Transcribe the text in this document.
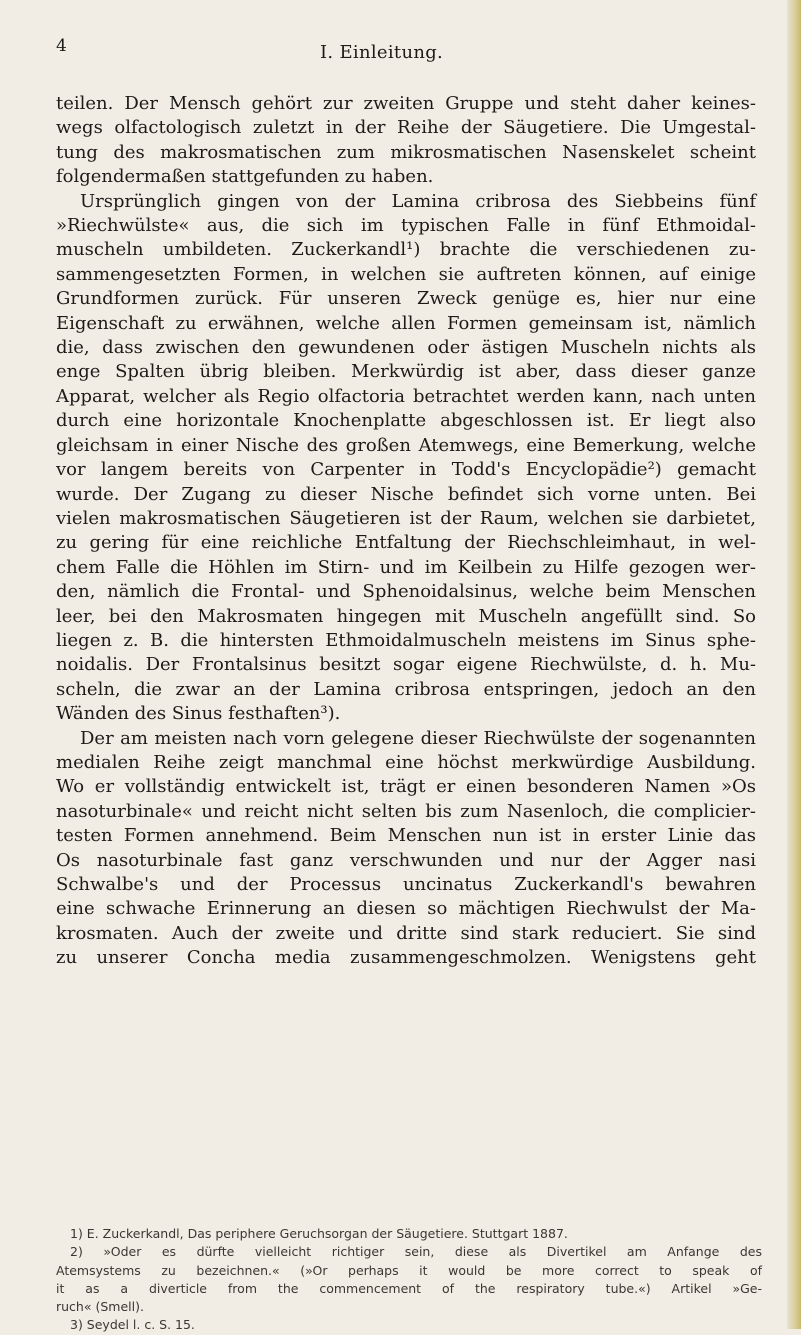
4	I. Einleitung.
teilen. Der Mensch gehört zur zweiten Gruppe und steht daher keines-
wegs olfactologisch zuletzt in der Reihe der Säugetiere. Die Umgestal-
tung des makrosmatischen zum mikrosmatischen Nasenskelet scheint
folgendermaßen stattgefunden zu haben.
Ursprünglich gingen von der Lamina cribrosa des Siebbeins fünf
»Riechwülste« aus, die sich im typischen Falle in fünf Ethmoidal-
muscheln umbildeten. Zuckerkandl¹) brachte die verschiedenen zu-
sammengesetzten Formen, in welchen sie auftreten können, auf einige
Grundformen zurück. Für unseren Zweck genüge es, hier nur eine
Eigenschaft zu erwähnen, welche allen Formen gemeinsam ist, nämlich
die, dass zwischen den gewundenen oder ästigen Muscheln nichts als
enge Spalten übrig bleiben. Merkwürdig ist aber, dass dieser ganze
Apparat, welcher als Regio olfactoria betrachtet werden kann, nach unten
durch eine horizontale Knochenplatte abgeschlossen ist. Er liegt also
gleichsam in einer Nische des großen Atemwegs, eine Bemerkung, welche
vor langem bereits von Carpenter in Todd's Encyclopädie²) gemacht
wurde. Der Zugang zu dieser Nische befindet sich vorne unten. Bei
vielen makrosmatischen Säugetieren ist der Raum, welchen sie darbietet,
zu gering für eine reichliche Entfaltung der Riechschleimhaut, in wel-
chem Falle die Höhlen im Stirn- und im Keilbein zu Hilfe gezogen wer-
den, nämlich die Frontal- und Sphenoidalsinus, welche beim Menschen
leer, bei den Makrosmaten hingegen mit Muscheln angefüllt sind. So
liegen z. B. die hintersten Ethmoidalmuscheln meistens im Sinus sphe-
noidalis. Der Frontalsinus besitzt sogar eigene Riechwülste, d. h. Mu-
scheln, die zwar an der Lamina cribrosa entspringen, jedoch an den
Wänden des Sinus festhaften³).
Der am meisten nach vorn gelegene dieser Riechwülste der sogenannten
medialen Reihe zeigt manchmal eine höchst merkwürdige Ausbildung.
Wo er vollständig entwickelt ist, trägt er einen besonderen Namen »Os
nasoturbinale« und reicht nicht selten bis zum Nasenloch, die complicier-
testen Formen annehmend. Beim Menschen nun ist in erster Linie das
Os nasoturbinale fast ganz verschwunden und nur der Agger nasi
Schwalbe's und der Processus uncinatus Zuckerkandl's bewahren
eine schwache Erinnerung an diesen so mächtigen Riechwulst der Ma-
krosmaten. Auch der zweite und dritte sind stark reduciert. Sie sind
zu unserer Concha media zusammengeschmolzen. Wenigstens geht
1) E. Zuckerkandl, Das periphere Geruchsorgan der Säugetiere. Stuttgart 1887.
2) »Oder es dürfte vielleicht richtiger sein, diese als Divertikel am Anfange des
Atemsystems zu bezeichnen.« (»Or perhaps it would be more correct to speak of
it as a diverticle from the commencement of the respiratory tube.«) Artikel »Ge-
ruch« (Smell).
3) Seydel l. c. S. 15.
